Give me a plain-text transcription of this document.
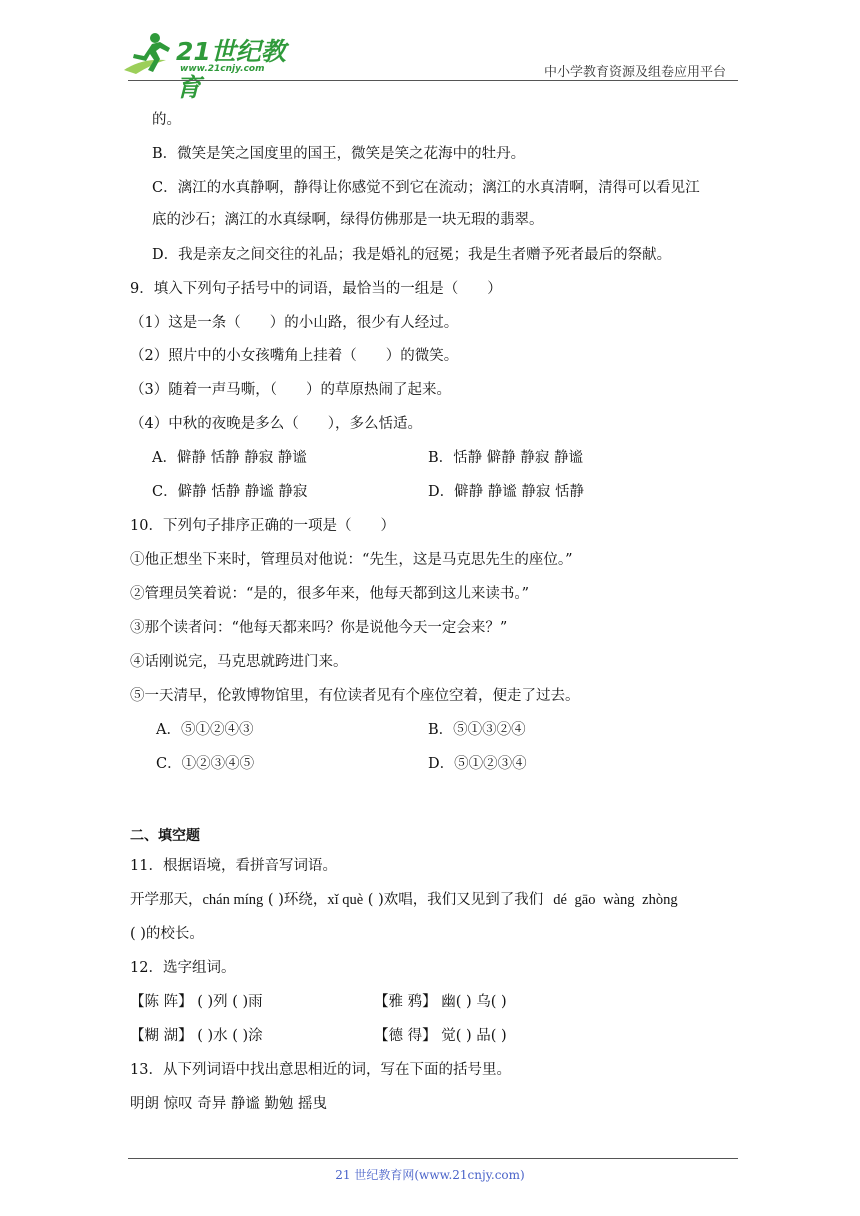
21世纪教育
www.21cnjy.com	中小学教育资源及组卷应用平台
的。
B．微笑是笑之国度里的国王，微笑是笑之花海中的牡丹。
C．漓江的水真静啊，静得让你感觉不到它在流动；漓江的水真清啊，清得可以看见江
底的沙石；漓江的水真绿啊，绿得仿佛那是一块无瑕的翡翠。
D．我是亲友之间交往的礼品；我是婚礼的冠冕；我是生者赠予死者最后的祭献。
9．填入下列句子括号中的词语，最恰当的一组是（　　）
（1）这是一条（　　）的小山路，很少有人经过。
（2）照片中的小女孩嘴角上挂着（　　）的微笑。
（3）随着一声马嘶，（　　）的草原热闹了起来。
（4）中秋的夜晚是多么（　　），多么恬适。
A．僻静 恬静 静寂 静谧	B．恬静 僻静 静寂 静谧
C．僻静 恬静 静谧 静寂	D．僻静 静谧 静寂 恬静
10．下列句子排序正确的一项是（　　）
①他正想坐下来时，管理员对他说：“先生，这是马克思先生的座位。”
②管理员笑着说：“是的，很多年来，他每天都到这儿来读书。”
③那个读者问：“他每天都来吗？你是说他今天一定会来？”
④话刚说完，马克思就跨进门来。
⑤一天清早，伦敦博物馆里，有位读者见有个座位空着，便走了过去。
A．⑤①②④③	B．⑤①③②④
C．①②③④⑤	D．⑤①②③④
二、填空题
11．根据语境，看拼音写词语。
开学那天，chán míng ( )环绕，xǐ què ( )欢唱，我们又见到了我们 dé gāo wàng zhòng
( )的校长。
12．选字组词。
【陈 阵】 ( )列 ( )雨	【雅 鸦】 幽( ) 乌( )
【糊 湖】 ( )水 ( )涂	【德 得】 觉( ) 品( )
13．从下列词语中找出意思相近的词，写在下面的括号里。
明朗 惊叹 奇异 静谧 勤勉 摇曳
21 世纪教育网(www.21cnjy.com)
